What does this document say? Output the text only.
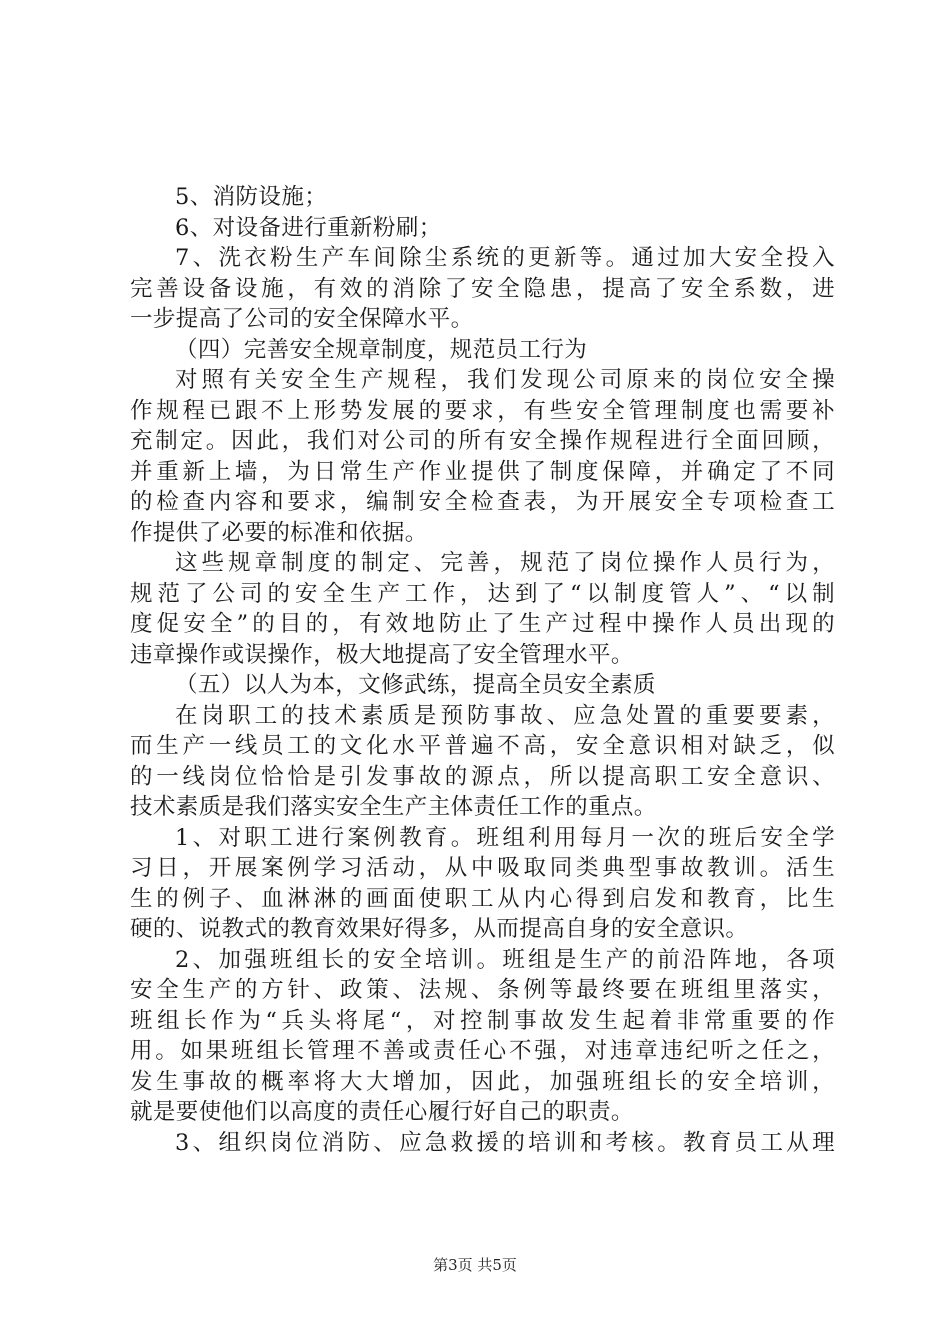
5、消防设施；
6、对设备进行重新粉刷；
7、洗衣粉生产车间除尘系统的更新等。通过加大安全投入
完善设备设施，有效的消除了安全隐患，提高了安全系数，进
一步提高了公司的安全保障水平。
（四）完善安全规章制度，规范员工行为
对照有关安全生产规程，我们发现公司原来的岗位安全操
作规程已跟不上形势发展的要求，有些安全管理制度也需要补
充制定。因此，我们对公司的所有安全操作规程进行全面回顾，
并重新上墙，为日常生产作业提供了制度保障，并确定了不同
的检查内容和要求，编制安全检查表，为开展安全专项检查工
作提供了必要的标准和依据。
这些规章制度的制定、完善，规范了岗位操作人员行为，
规范了公司的安全生产工作，达到了“以制度管人”、“以制
度促安全”的目的，有效地防止了生产过程中操作人员出现的
违章操作或误操作，极大地提高了安全管理水平。
（五）以人为本，文修武练，提高全员安全素质
在岗职工的技术素质是预防事故、应急处置的重要要素，
而生产一线员工的文化水平普遍不高，安全意识相对缺乏，似
的一线岗位恰恰是引发事故的源点，所以提高职工安全意识、
技术素质是我们落实安全生产主体责任工作的重点。
1、对职工进行案例教育。班组利用每月一次的班后安全学
习日，开展案例学习活动，从中吸取同类典型事故教训。活生
生的例子、血淋淋的画面使职工从内心得到启发和教育，比生
硬的、说教式的教育效果好得多，从而提高自身的安全意识。
2、加强班组长的安全培训。班组是生产的前沿阵地，各项
安全生产的方针、政策、法规、条例等最终要在班组里落实，
班组长作为“兵头将尾“，对控制事故发生起着非常重要的作
用。如果班组长管理不善或责任心不强，对违章违纪听之任之，
发生事故的概率将大大增加，因此，加强班组长的安全培训，
就是要使他们以高度的责任心履行好自己的职责。
3、组织岗位消防、应急救援的培训和考核。教育员工从理
第3页 共5页
